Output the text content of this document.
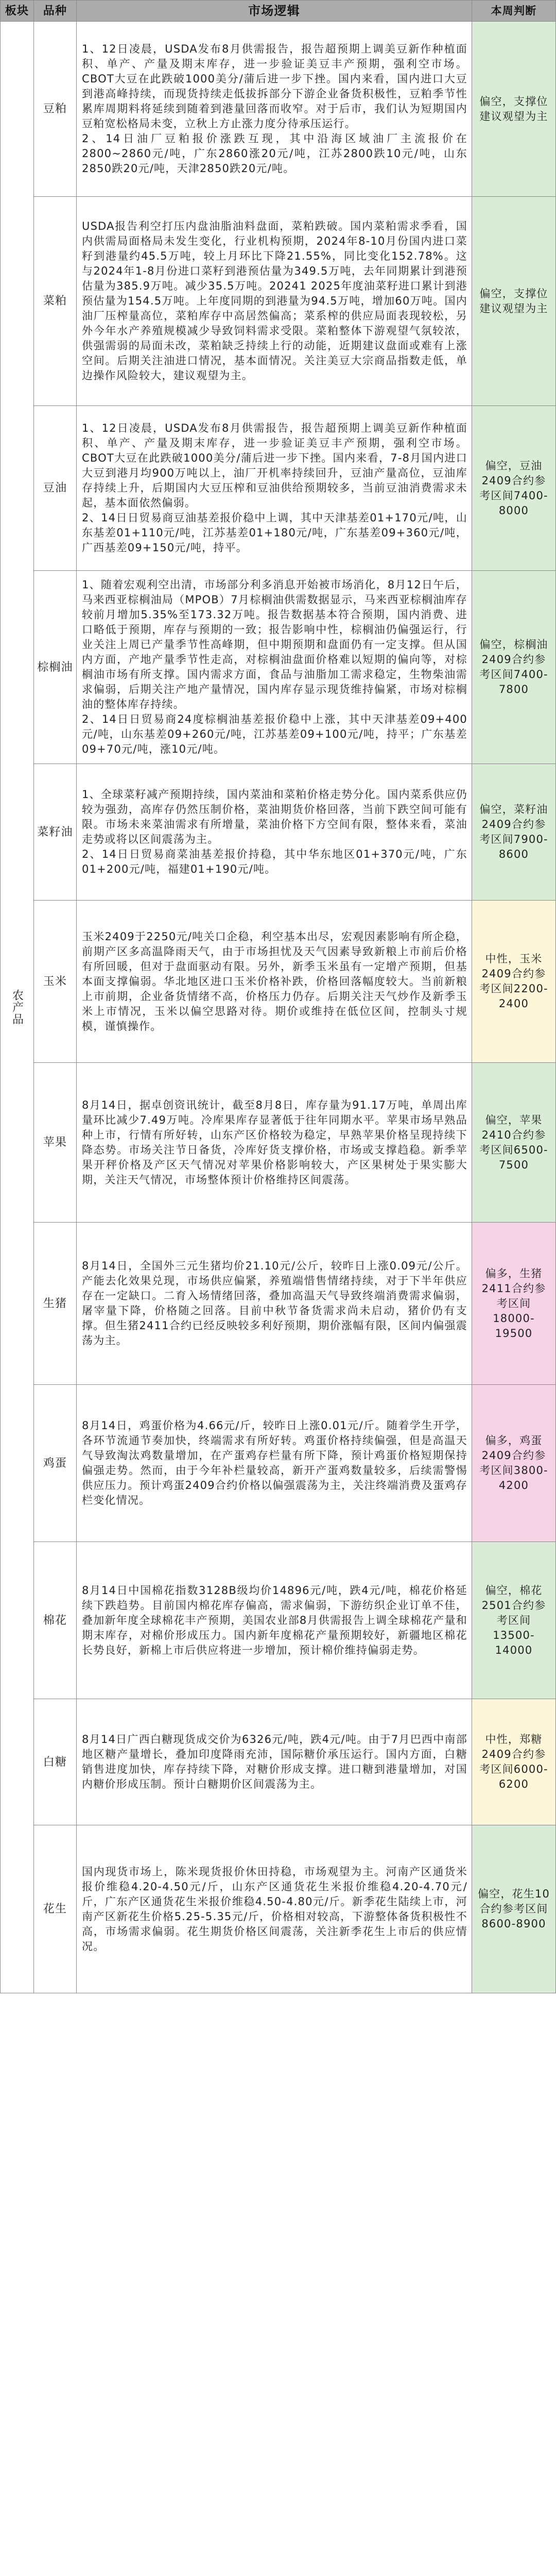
板块	品种	市场逻辑	本周判断

农产品	豆粕	1、12日凌晨，USDA发布8月供需报告，报告超预期上调美豆新作种植面积、单产、产量及期末库存，进一步验证美豆丰产预期，强利空市场。CBOT大豆在此跌破1000美分/蒲后进一步下挫。国内来看，国内进口大豆到港高峰持续，而现货持续走低拔拆部分下游企业备货积极性，豆粕季节性累库周期料将延续到随着到港量回落而收窄。对于后市，我们认为短期国内豆粕宽松格局未变，立秋上方止涨力度分待承压运行。
2、14日油厂豆粕报价涨跌互现，其中沿海区域油厂主流报价在2800~2860元/吨，广东2860涨20元/吨，江苏2800跌10元/吨，山东2850跌20元/吨，天津2850跌20元/吨。	偏空，支撑位建议观望为主
	菜粕	USDA报告利空打压内盘油脂油料盘面，菜粕跌破。国内菜粕需求季看，国内供需局面格局未发生变化，行业机构预期，2024年8-10月份国内进口菜籽到港量约45.5万吨，较上月环比下降21.55%，同比变化152.78%。这与2024年1-8月份进口菜籽到港预估量为349.5万吨，去年同期累计到港预估量为385.9万吨。减少35.5万吨。20241 2025年度油菜籽进口累计到港预估量为154.5万吨。上年度同期的到港量为94.5万吨，增加60万吨。国内油厂压榨量高位，菜粕库存中高居然偏高；菜系榨的供应局面表现较松，另外今年水产养殖规模减少导致饲料需求受限。菜粕整体下游观望气氛较浓，供强需弱的局面未改，菜粕缺乏持续上行的动能，近期建议盘面或难有上涨空间。后期关注油进口情况，基本面情况。关注美豆大宗商品指数走低，单边操作风险较大，建议观望为主。	偏空，支撑位建议观望为主
	豆油	1、12日凌晨，USDA发布8月供需报告，报告超预期上调美豆新作种植面积、单产、产量及期末库存，进一步验证美豆丰产预期，强利空市场。CBOT大豆在此跌破1000美分/蒲后进一步下挫。国内来看，7-8月国内进口大豆到港月均900万吨以上，油厂开机率持续回升，豆油产量高位，豆油库存持续上升，后期国内大豆压榨和豆油供给预期较多，当前豆油消费需求未起，基本面依然偏弱。
2、14日日贸易商豆油基差报价稳中上调，其中天津基差01+170元/吨，山东基差01+110元/吨，江苏基差01+180元/吨，广东基差09+360元/吨，广西基差09+150元/吨，持平。	偏空，豆油2409合约参考区间7400-8000
	棕榈油	1、随着宏观利空出清，市场部分利多消息开始被市场消化，8月12日午后，马来西亚棕榈油局（MPOB）7月棕榈油供需数据显示，马来西亚棕榈油库存较前月增加5.35%至173.32万吨。报告数据基本符合预期，国内消费、进口略低于预期，库存与预期的一致；报告影响中性，棕榈油仍偏强运行，行业关注上周已产量季节性高峰期，但中期预期和盘面仍有一定支撑。但从国内方面，产地产量季节性走高，对棕榈油盘面价格难以短期的偏向等，对棕榈油市场有所支撑。国内需求方面，食品与油脂加工需求稳定，生物柴油需求偏弱，后期关注产地产量情况，国内库存显示现货维持偏紧，市场对棕榈油的整体库存持续。
2、14日日贸易商24度棕榈油基差报价稳中上涨，其中天津基差09+400元/吨，山东基差09+260元/吨，江苏基差09+100元/吨，持平；广东基差09+70元/吨，涨10元/吨。	偏空，棕榈油2409合约参考区间7400-7800
	菜籽油	1、全球菜籽减产预期持续，国内菜油和菜粕价格走势分化。国内菜系供应仍较为强劲，高库存仍然压制价格，菜油期货价格回落，当前下跌空间可能有限。市场未来菜油需求有所增量，菜油价格下方空间有限，整体来看，菜油走势或将以区间震荡为主。
2、14日日贸易商菜油基差报价持稳，其中华东地区01+370元/吨，广东01+200元/吨，福建01+190元/吨。	偏空，菜籽油2409合约参考区间7900-8600
	玉米	玉米2409于2250元/吨关口企稳，利空基本出尽，宏观因素影响有所企稳，前期产区多高温降雨天气，由于市场担忧及天气因素导致新粮上市前后价格有所回暖，但对于盘面驱动有限。另外，新季玉米虽有一定增产预期，但基本面支撑偏弱。华北地区进口玉米价格补跌，价格回落幅度较大。当前新粮上市前期，企业备货情绪不高，价格压力仍存。后期关注天气炒作及新季玉米上市情况，玉米以偏空思路对待。期价或维持在低位区间，控制头寸规模，谨慎操作。	中性，玉米2409合约参考区间2200-2400
	苹果	8月14日，据卓创资讯统计，截至8月8日，库存量为91.17万吨，单周出库量环比减少7.49万吨。冷库果库存显著低于往年同期水平。苹果市场早熟品种上市，行情有所好转，山东产区价格较为稳定，早熟苹果价格呈现持续下降态势。市场关注节日备货，冷库好货支撑价格，市场或支撑趋稳。新季苹果开秤价格及产区天气情况对苹果价格影响较大，产区果树处于果实膨大期，关注天气情况，市场整体预计价格维持区间震荡。	偏空，苹果2410合约参考区间6500-7500
	生猪	8月14日，全国外三元生猪均价21.10元/公斤，较昨日上涨0.09元/公斤。产能去化效果兑现，市场供应偏紧，养殖端惜售情绪持续，对于下半年供应存在一定缺口。二育入场情绪回落，叠加高温天气导致终端消费需求偏弱，屠宰量下降，价格随之回落。目前中秋节备货需求尚未启动，猪价仍有支撑。但生猪2411合约已经反映较多利好预期，期价涨幅有限，区间内偏强震荡为主。	偏多，生猪2411合约参考区间18000-19500
	鸡蛋	8月14日，鸡蛋价格为4.66元/斤，较昨日上涨0.01元/斤。随着学生开学，各环节流通节奏加快，终端需求有所好转。鸡蛋价格持续偏强，但是高温天气导致淘汰鸡数量增加，在产蛋鸡存栏量有所下降，预计鸡蛋价格短期保持偏强走势。然而，由于今年补栏量较高，新开产蛋鸡数量较多，后续需警惕供应压力。预计鸡蛋2409合约价格以偏强震荡为主，关注终端消费及蛋鸡存栏变化情况。	偏多，鸡蛋2409合约参考区间3800-4200
	棉花	8月14日中国棉花指数3128B级均价14896元/吨，跌4元/吨，棉花价格延续下跌趋势。目前国内棉花库存偏高，需求偏弱，下游纺织企业订单不佳，叠加新年度全球棉花丰产预期，美国农业部8月供需报告上调全球棉花产量和期末库存，对棉价形成压力。国内新年度棉花产量预期较好，新疆地区棉花长势良好，新棉上市后供应将进一步增加，预计棉价维持偏弱走势。	偏空，棉花2501合约参考区间13500-14000
	白糖	8月14日广西白糖现货成交价为6326元/吨，跌4元/吨。由于7月巴西中南部地区糖产量增长，叠加印度降雨充沛，国际糖价承压运行。国内方面，白糖销售进度加快，库存持续下降，对糖价形成支撑。进口糖到港量增加，对国内糖价形成压制。预计白糖期价区间震荡为主。	中性，郑糖2409合约参考区间6000-6200
	花生	国内现货市场上，陈米现货报价休田持稳，市场观望为主。河南产区通货米报价维稳4.20-4.50元/斤，山东产区通货花生米报价维稳4.20-4.70元/斤，广东产区通货花生米报价维稳4.50-4.80元/斤。新季花生陆续上市，河南产区新花生价格5.25-5.35元/斤，价格相对较高，下游整体备货积极性不高，市场需求偏弱。花生期货价格区间震荡，关注新季花生上市后的供应情况。	偏空，花生10合约参考区间8600-8900
